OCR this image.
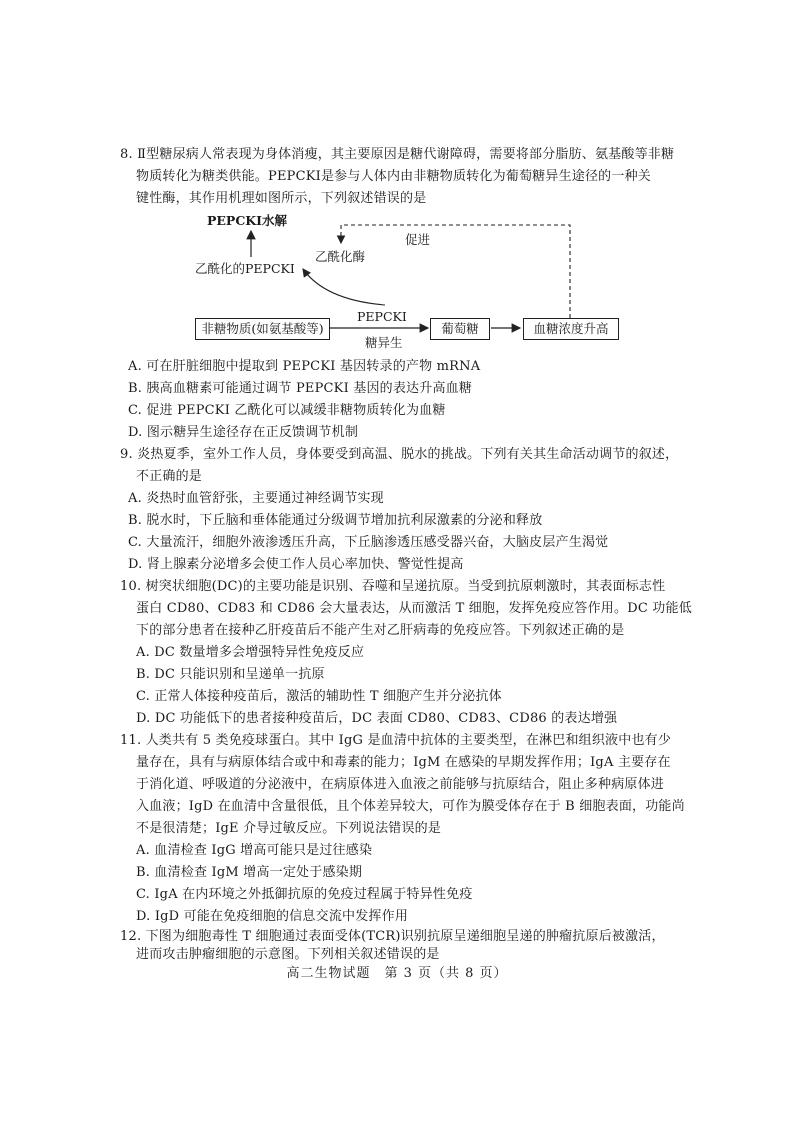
8. Ⅱ型糖尿病人常表现为身体消瘦，其主要原因是糖代谢障碍，需要将部分脂肪、氨基酸等非糖
物质转化为糖类供能。PEPCKI是参与人体内由非糖物质转化为葡萄糖异生途径的一种关
键性酶，其作用机理如图所示，下列叙述错误的是
PEPCKI水解
乙酰化的PEPCKI
乙酰化酶
促进
PEPCKI
糖异生
非糖物质(如氨基酸等)	葡萄糖	血糖浓度升高
A. 可在肝脏细胞中提取到 PEPCKI 基因转录的产物 mRNA
B. 胰高血糖素可能通过调节 PEPCKI 基因的表达升高血糖
C. 促进 PEPCKI 乙酰化可以减缓非糖物质转化为血糖
D. 图示糖异生途径存在正反馈调节机制
9. 炎热夏季，室外工作人员，身体要受到高温、脱水的挑战。下列有关其生命活动调节的叙述，
不正确的是
A. 炎热时血管舒张，主要通过神经调节实现
B. 脱水时，下丘脑和垂体能通过分级调节增加抗利尿激素的分泌和释放
C. 大量流汗，细胞外液渗透压升高，下丘脑渗透压感受器兴奋，大脑皮层产生渴觉
D. 肾上腺素分泌增多会使工作人员心率加快、警觉性提高
10. 树突状细胞(DC)的主要功能是识别、吞噬和呈递抗原。当受到抗原刺激时，其表面标志性
蛋白 CD80、CD83 和 CD86 会大量表达，从而激活 T 细胞，发挥免疫应答作用。DC 功能低
下的部分患者在接种乙肝疫苗后不能产生对乙肝病毒的免疫应答。下列叙述正确的是
A. DC 数量增多会增强特异性免疫反应
B. DC 只能识别和呈递单一抗原
C. 正常人体接种疫苗后，激活的辅助性 T 细胞产生并分泌抗体
D. DC 功能低下的患者接种疫苗后，DC 表面 CD80、CD83、CD86 的表达增强
11. 人类共有 5 类免疫球蛋白。其中 IgG 是血清中抗体的主要类型，在淋巴和组织液中也有少
量存在，具有与病原体结合或中和毒素的能力；IgM 在感染的早期发挥作用；IgA 主要存在
于消化道、呼吸道的分泌液中，在病原体进入血液之前能够与抗原结合，阻止多种病原体进
入血液；IgD 在血清中含量很低，且个体差异较大，可作为膜受体存在于 B 细胞表面，功能尚
不是很清楚；IgE 介导过敏反应。下列说法错误的是
A. 血清检查 IgG 增高可能只是过往感染
B. 血清检查 IgM 增高一定处于感染期
C. IgA 在内环境之外抵御抗原的免疫过程属于特异性免疫
D. IgD 可能在免疫细胞的信息交流中发挥作用
12. 下图为细胞毒性 T 细胞通过表面受体(TCR)识别抗原呈递细胞呈递的肿瘤抗原后被激活，
进而攻击肿瘤细胞的示意图。下列相关叙述错误的是
高二生物试题　第 3 页（共 8 页）
